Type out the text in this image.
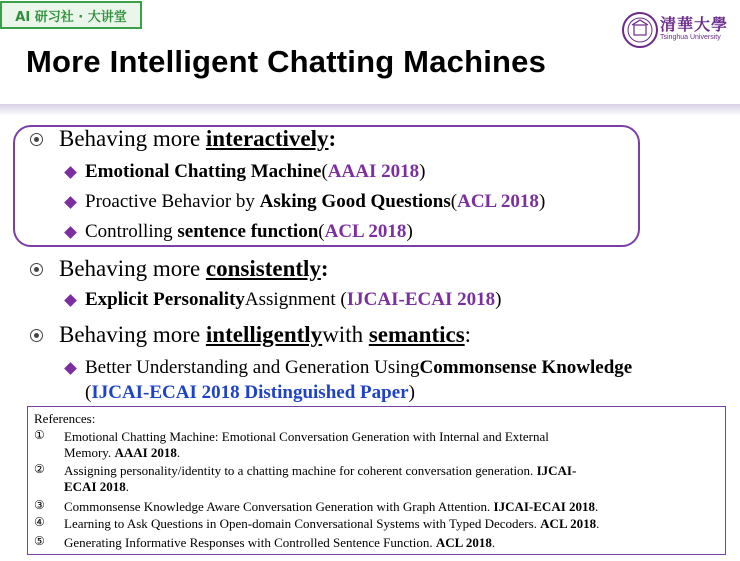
AI 研习社 · 大讲堂
More Intelligent Chatting Machines
清華大學
Tsinghua University
Behaving more
interactively :
Emotional Chatting Machine ( AAAI 2018 )
Proactive Behavior by
Asking Good Questions ( ACL 2018 )
Controlling
sentence function ( ACL 2018 )
Behaving more
consistently :
Explicit Personality Assignment ( IJCAI-ECAI 2018 )
Behaving more
intelligently with
semantics :
Better Understanding and Generation Using Commonsense Knowledge
( IJCAI-ECAI 2018 Distinguished Paper )
References:
① Emotional Chatting Machine: Emotional Conversation Generation with Internal and External
Memory. AAAI 2018.
② Assigning personality/identity to a chatting machine for coherent conversation generation. IJCAI-
ECAI 2018.
③ Commonsense Knowledge Aware Conversation Generation with Graph Attention. IJCAI-ECAI 2018.
④ Learning to Ask Questions in Open-domain Conversational Systems with Typed Decoders. ACL 2018.
⑤ Generating Informative Responses with Controlled Sentence Function. ACL 2018.
